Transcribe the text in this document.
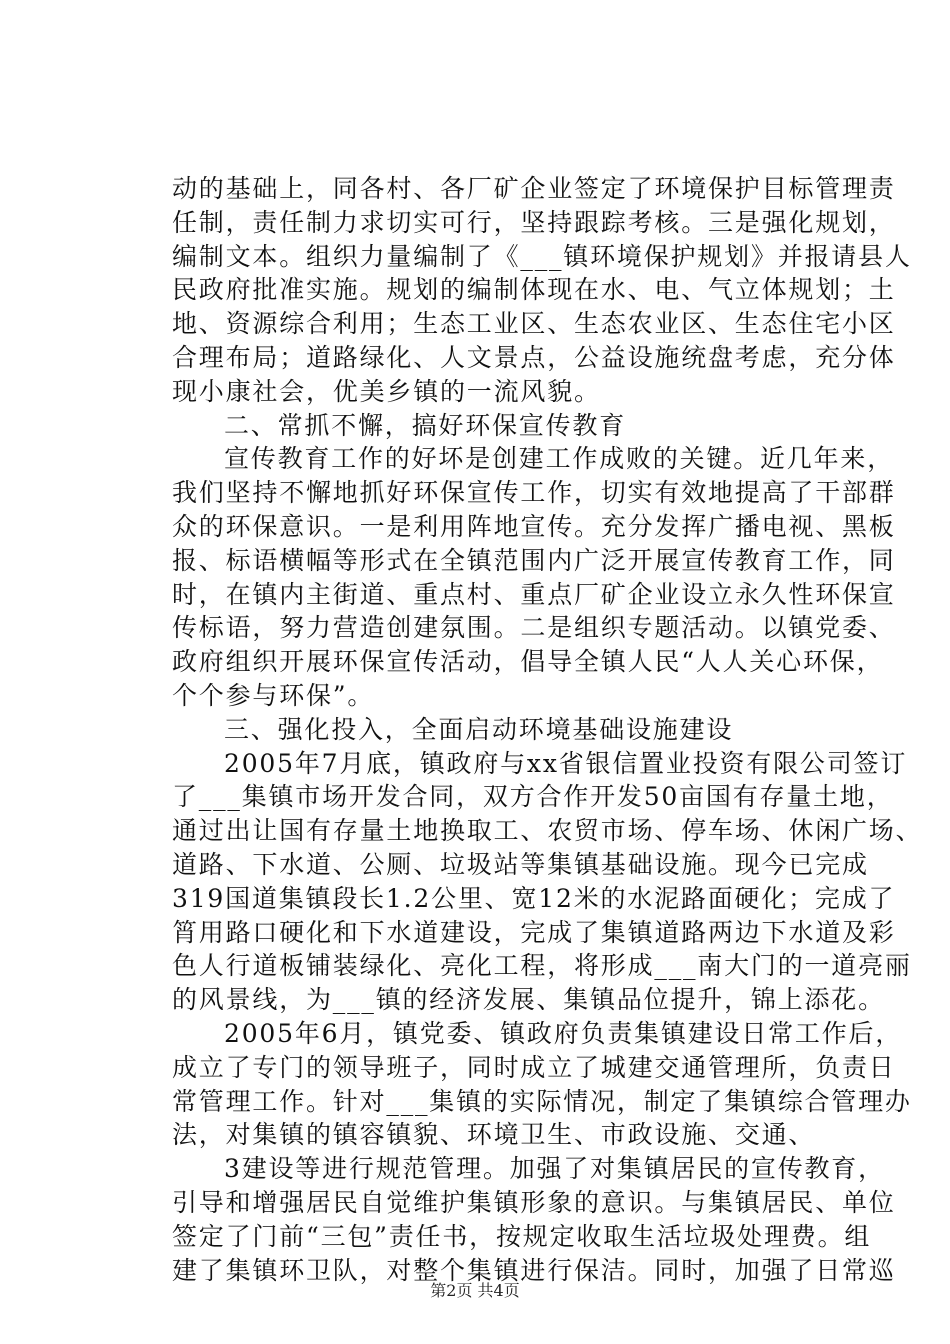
动的基础上，同各村、各厂矿企业签定了环境保护目标管理责
任制，责任制力求切实可行，坚持跟踪考核。三是强化规划，
编制文本。组织力量编制了《___镇环境保护规划》并报请县人
民政府批准实施。规划的编制体现在水、电、气立体规划；土
地、资源综合利用；生态工业区、生态农业区、生态住宅小区
合理布局；道路绿化、人文景点，公益设施统盘考虑，充分体
现小康社会，优美乡镇的一流风貌。
二、常抓不懈，搞好环保宣传教育
宣传教育工作的好坏是创建工作成败的关键。近几年来，
我们坚持不懈地抓好环保宣传工作，切实有效地提高了干部群
众的环保意识。一是利用阵地宣传。充分发挥广播电视、黑板
报、标语横幅等形式在全镇范围内广泛开展宣传教育工作，同
时，在镇内主街道、重点村、重点厂矿企业设立永久性环保宣
传标语，努力营造创建氛围。二是组织专题活动。以镇党委、
政府组织开展环保宣传活动，倡导全镇人民“人人关心环保，
个个参与环保”。
三、强化投入，全面启动环境基础设施建设
2005年7月底，镇政府与xx省银信置业投资有限公司签订
了___集镇市场开发合同，双方合作开发50亩国有存量土地，
通过出让国有存量土地换取工、农贸市场、停车场、休闲广场、
道路、下水道、公厕、垃圾站等集镇基础设施。现今已完成
319国道集镇段长1.2公里、宽12米的水泥路面硬化；完成了
筲用路口硬化和下水道建设，完成了集镇道路两边下水道及彩
色人行道板铺装绿化、亮化工程，将形成___南大门的一道亮丽
的风景线，为___镇的经济发展、集镇品位提升，锦上添花。
2005年6月，镇党委、镇政府负责集镇建设日常工作后，
成立了专门的领导班子，同时成立了城建交通管理所，负责日
常管理工作。针对___集镇的实际情况，制定了集镇综合管理办
法，对集镇的镇容镇貌、环境卫生、市政设施、交通、
3建设等进行规范管理。加强了对集镇居民的宣传教育，
引导和增强居民自觉维护集镇形象的意识。与集镇居民、单位
签定了门前“三包”责任书，按规定收取生活垃圾处理费。组
建了集镇环卫队，对整个集镇进行保洁。同时，加强了日常巡
第2页 共4页
